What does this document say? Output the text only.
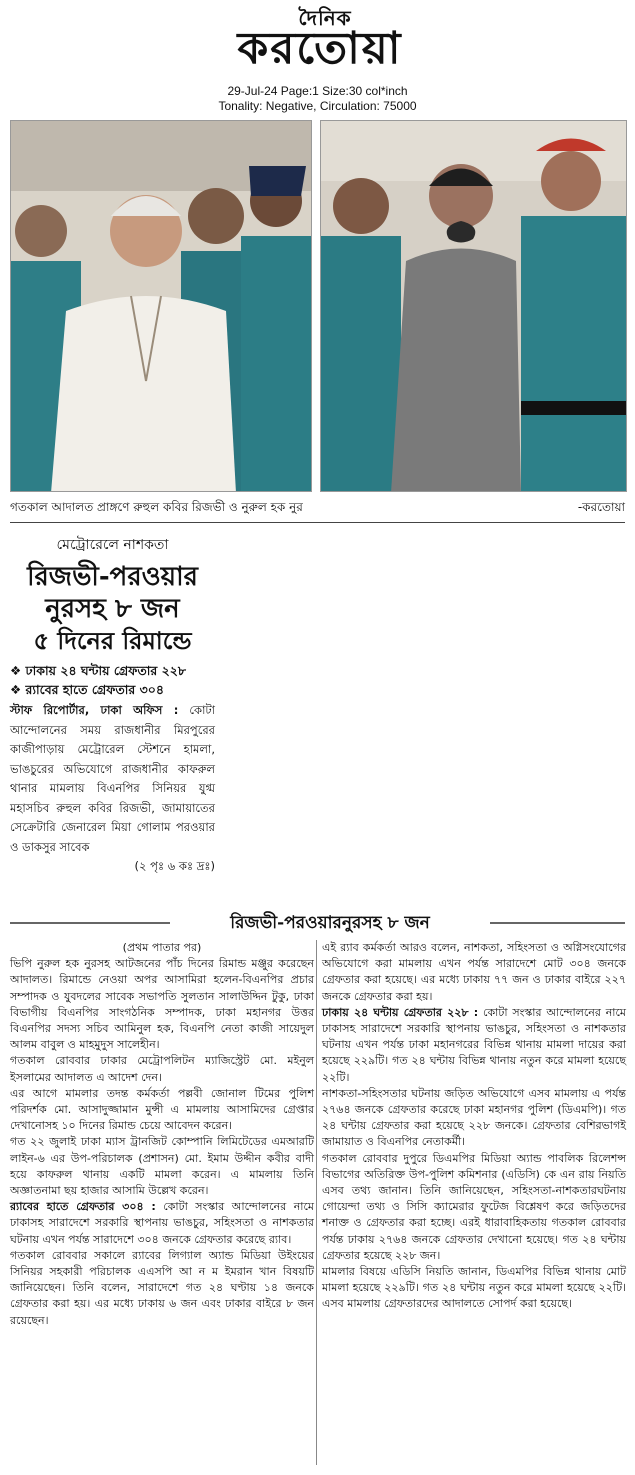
দৈনিক
করতোয়া
29-Jul-24 Page:1 Size:30 col*inch
Tonality: Negative, Circulation: 75000
গতকাল আদালত প্রাঙ্গণে রুহুল কবির রিজভী ও নুরুল হক নুর	-করতোয়া
মেট্রোরেলে নাশকতা
রিজভী-পরওয়ার
নুরসহ ৮ জন
৫ দিনের রিমান্ডে
❖ ঢাকায় ২৪ ঘন্টায় গ্রেফতার ২২৮
❖ র‌্যাবের হাতে গ্রেফতার ৩০৪
স্টাফ রিপোর্টার, ঢাকা অফিস : কোটা আন্দোলনের সময় রাজধানীর মিরপুরের কাজীপাড়ায় মেট্রোরেল স্টেশনে হামলা, ভাঙচুরের অভিযোগে রাজধানীর কাফরুল থানার মামলায় বিএনপির সিনিয়র যুগ্ম মহাসচিব রুহুল কবির রিজভী, জামায়াতের সেক্রেটারি জেনারেল মিয়া গোলাম পরওয়ার ও ডাকসুর সাবেক
(২ পৃঃ ৬ কঃ দ্রঃ)
রিজভী-পরওয়ারনুরসহ ৮ জন
(প্রথম পাতার পর)

ভিপি নুরুল হক নুরসহ আটজনের পাঁচ দিনের রিমান্ড মঞ্জুর করেছেন আদালত। রিমান্ডে নেওয়া অপর আসামিরা হলেন-বিএনপির প্রচার সম্পাদক ও যুবদলের সাবেক সভাপতি সুলতান সালাউদ্দিন টুকু, ঢাকা বিভাগীয় বিএনপির সাংগঠনিক সম্পাদক, ঢাকা মহানগর উত্তর বিএনপির সদস্য সচিব আমিনুল হক, বিএনপি নেতা কাজী সায়েদুল আলম বাবুল ও মাহমুদুস সালেহীন।

গতকাল রোববার ঢাকার মেট্রোপলিটন ম্যাজিস্ট্রেট মো. মইনুল ইসলামের আদালত এ আদেশ দেন।

এর আগে মামলার তদন্ত কর্মকর্তা পল্লবী জোনাল টিমের পুলিশ পরিদর্শক মো. আসাদুজ্জামান মুন্সী এ মামলায় আসামিদের গ্রেপ্তার দেখানোসহ ১০ দিনের রিমান্ড চেয়ে আবেদন করেন।

গত ২২ জুলাই ঢাকা ম্যাস ট্রানজিট কোম্পানি লিমিটেডের এমআরটি লাইন-৬ এর উপ-পরিচালক (প্রশাসন) মো. ইমাম উদ্দীন কবীর বাদী হয়ে কাফরুল থানায় একটি মামলা করেন। এ মামলায় তিনি অজ্ঞাতনামা ছয় হাজার আসামি উল্লেখ করেন।

র‌্যাবের হাতে গ্রেফতার ৩০৪ : কোটা সংস্কার আন্দোলনের নামে ঢাকাসহ সারাদেশে সরকারি স্থাপনায় ভাঙচুর, সহিংসতা ও নাশকতার ঘটনায় এখন পর্যন্ত সারাদেশে ৩০৪ জনকে গ্রেফতার করেছে র‌্যাব।

গতকাল রোববার সকালে র‌্যাবের লিগ্যাল অ্যান্ড মিডিয়া উইংয়ের সিনিয়র সহকারী পরিচালক এএসপি আ ন ম ইমরান খান বিষয়টি জানিয়েছেন। তিনি বলেন, সারাদেশে গত ২৪ ঘণ্টায় ১৪ জনকে গ্রেফতার করা হয়। এর মধ্যে ঢাকায় ৬ জন এবং ঢাকার বাইরে ৮ জন রয়েছেন।

এই র‌্যাব কর্মকর্তা আরও বলেন, নাশকতা, সহিংসতা ও অগ্নিসংযোগের অভিযোগে করা মামলায় এখন পর্যন্ত সারাদেশে মোট ৩০৪ জনকে গ্রেফতার করা হয়েছে। এর মধ্যে ঢাকায় ৭৭ জন ও ঢাকার বাইরে ২২৭ জনকে গ্রেফতার করা হয়।

ঢাকায় ২৪ ঘন্টায় গ্রেফতার ২২৮ : কোটা সংস্কার আন্দোলনের নামে ঢাকাসহ সারাদেশে সরকারি স্থাপনায় ভাঙচুর, সহিংসতা ও নাশকতার ঘটনায় এখন পর্যন্ত ঢাকা মহানগরের বিভিন্ন থানায় মামলা দায়ের করা হয়েছে ২২৯টি। গত ২৪ ঘন্টায় বিভিন্ন থানায় নতুন করে মামলা হয়েছে ২২টি।

নাশকতা-সহিংসতার ঘটনায় জড়িত অভিযোগে এসব মামলায় এ পর্যন্ত ২৭৬৪ জনকে গ্রেফতার করেছে ঢাকা মহানগর পুলিশ (ডিএমপি)। গত ২৪ ঘন্টায় গ্রেফতার করা হয়েছে ২২৮ জনকে। গ্রেফতার বেশিরভাগই জামায়াত ও বিএনপির নেতাকর্মী।

গতকাল রোববার দুপুরে ডিএমপির মিডিয়া অ্যান্ড পাবলিক রিলেশন্স বিভাগের অতিরিক্ত উপ-পুলিশ কমিশনার (এডিসি) কে এন রায় নিয়তি এসব তথ্য জানান। তিনি জানিয়েছেন, সহিংসতা-নাশকতারঘটনায় গোয়েন্দা তথ্য ও সিসি ক্যামেরার ফুটেজ বিশ্লেষণ করে জড়িতদের শনাক্ত ও গ্রেফতার করা হচ্ছে। এরই ধারাবাহিকতায় গতকাল রোববার পর্যন্ত ঢাকায় ২৭৬৪ জনকে গ্রেফতার দেখানো হয়েছে। গত ২৪ ঘন্টায় গ্রেফতার হয়েছে ২২৮ জন।

মামলার বিষয়ে এডিসি নিয়তি জানান, ডিএমপির বিভিন্ন থানায় মোট মামলা হয়েছে ২২৯টি। গত ২৪ ঘন্টায় নতুন করে মামলা হয়েছে ২২টি। এসব মামলায় গ্রেফতারদের আদালতে সোপর্দ করা হয়েছে।
